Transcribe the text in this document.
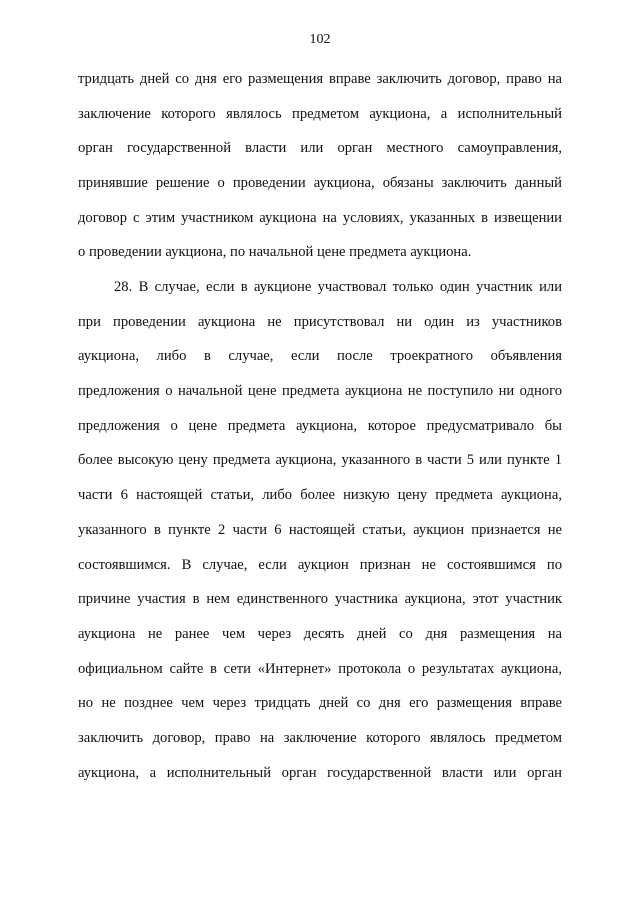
102
тридцать дней со дня его размещения вправе заключить договор, право на
заключение которого являлось предметом аукциона, а исполнительный
орган государственной власти или орган местного самоуправления,
принявшие решение о проведении аукциона, обязаны заключить данный
договор с этим участником аукциона на условиях, указанных в извещении
о проведении аукциона, по начальной цене предмета аукциона.
28. В случае, если в аукционе участвовал только один участник или
при проведении аукциона не присутствовал ни один из участников
аукциона, либо в случае, если после троекратного объявления
предложения о начальной цене предмета аукциона не поступило ни одного
предложения о цене предмета аукциона, которое предусматривало бы
более высокую цену предмета аукциона, указанного в части 5 или пункте 1
части 6 настоящей статьи, либо более низкую цену предмета аукциона,
указанного в пункте 2 части 6 настоящей статьи, аукцион признается не
состоявшимся. В случае, если аукцион признан не состоявшимся по
причине участия в нем единственного участника аукциона, этот участник
аукциона не ранее чем через десять дней со дня размещения на
официальном сайте в сети «Интернет» протокола о результатах аукциона,
но не позднее чем через тридцать дней со дня его размещения вправе
заключить договор, право на заключение которого являлось предметом
аукциона, а исполнительный орган государственной власти или орган
